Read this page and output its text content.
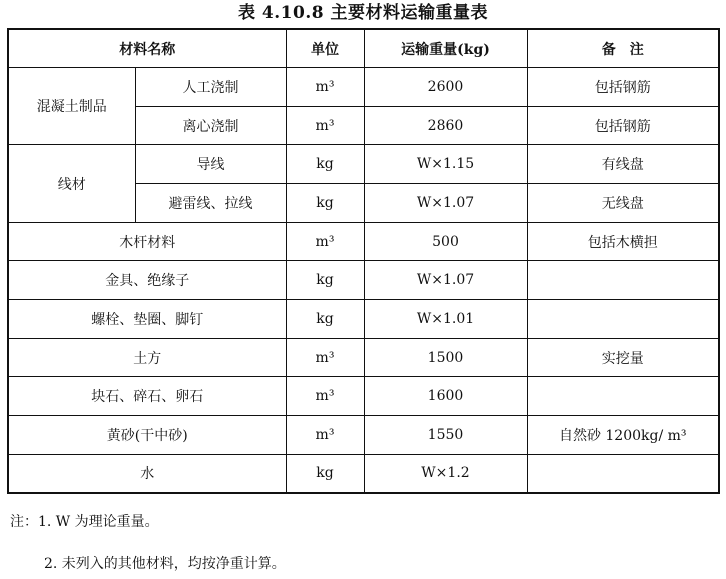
表 4.10.8 主要材料运输重量表
材料名称		单位	运输重量(kg)	备　注
混凝土制品	人工浇制	m³	2600	包括钢筋
	离心浇制	m³	2860	包括钢筋
线材	导线	kg	W×1.15	有线盘
	避雷线、拉线	kg	W×1.07	无线盘
木杆材料		m³	500	包括木横担
金具、绝缘子		kg	W×1.07	
螺栓、垫圈、脚钉		kg	W×1.01	
土方		m³	1500	实挖量
块石、碎石、卵石		m³	1600	
黄砂(干中砂)		m³	1550	自然砂 1200kg/ m³
水		kg	W×1.2	
注：1. W 为理论重量。
2. 未列入的其他材料，均按净重计算。
